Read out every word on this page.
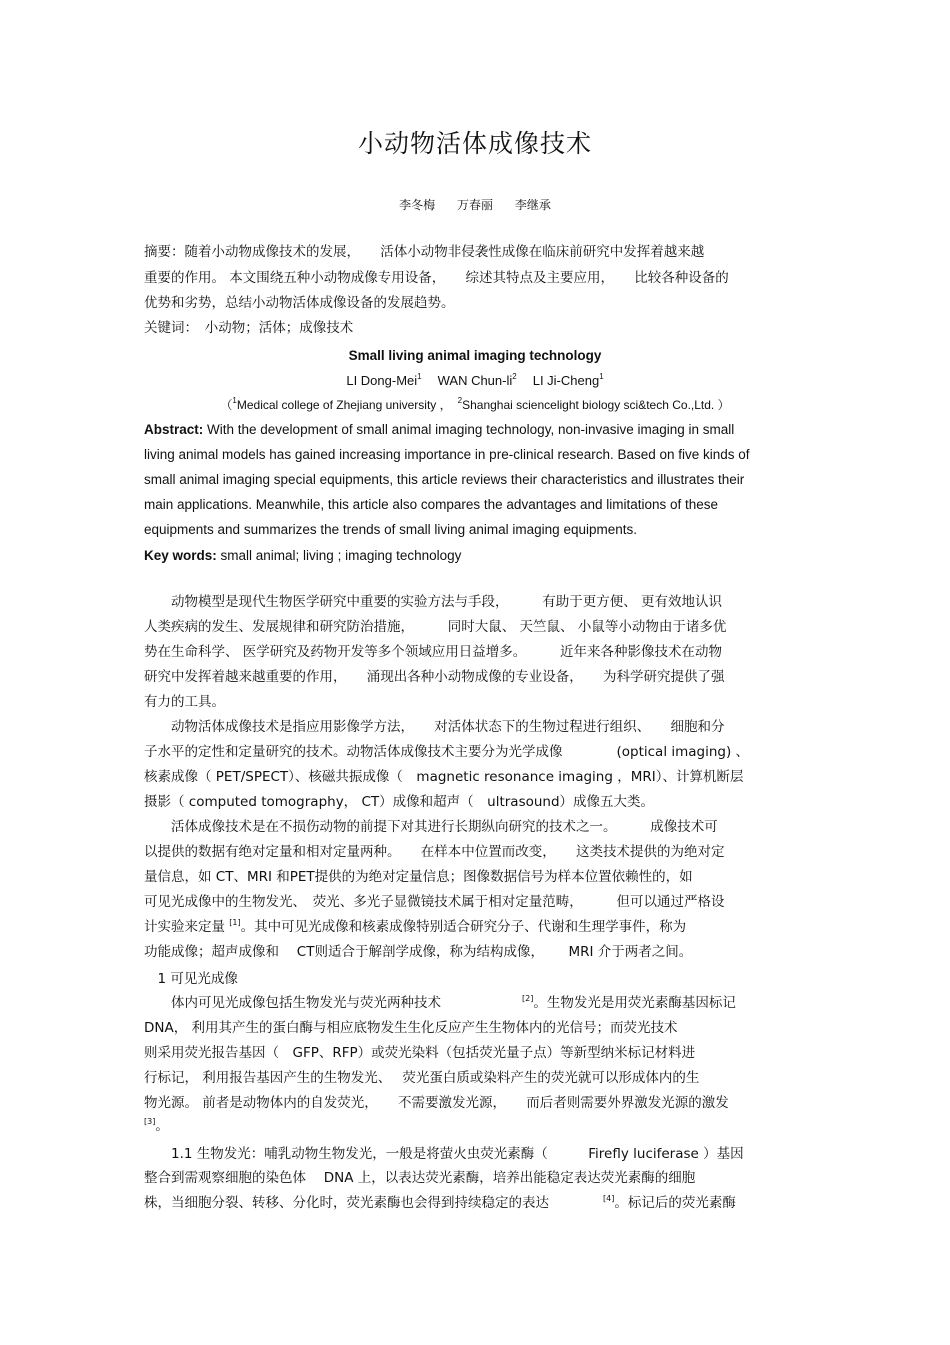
小动物活体成像技术
李冬梅 万春丽 李继承
摘要：随着小动物成像技术的发展，　　活体小动物非侵袭性成像在临床前研究中发挥着越来越
重要的作用。 本文围绕五种小动物成像专用设备，　　综述其特点及主要应用，　　比较各种设备的
优势和劣势，总结小动物活体成像设备的发展趋势。
关键词：　小动物；活体；成像技术
Small living animal imaging technology
LI Dong-Mei$^1$ WAN Chun-$li^2$ LI Ji-Cheng$^1$
（$^1$Medical college of Zhejiang university ， $^2$Shanghai sciencelight biology sci&tech Co.,Ltd. ）
Abstract: With the development of small animal imaging technology, non-invasive imaging in small
living animal models has gained increasing importance in pre-clinical research. Based on five kinds of
small animal imaging special equipments, this article reviews their characteristics and illustrates their
main applications. Meanwhile, this article also compares the advantages and limitations of these
equipments and summarizes the trends of small living animal imaging equipments.
Key words: small animal; living ; imaging technology
　　动物模型是现代生物医学研究中重要的实验方法与手段，　　　有助于更方便、 更有效地认识
人类疾病的发生、发展规律和研究防治措施，　　　同时大鼠、 天竺鼠、 小鼠等小动物由于诸多优
势在生命科学、 医学研究及药物开发等多个领域应用日益增多。　　　近年来各种影像技术在动物
研究中发挥着越来越重要的作用，　　涌现出各种小动物成像的专业设备，　　为科学研究提供了强
有力的工具。
　　动物活体成像技术是指应用影像学方法，　　对活体状态下的生物过程进行组织、　　细胞和分
子水平的定性和定量研究的技术。动物活体成像技术主要分为光学成像　　　　(optical imaging) 、
核素成像（ PET/SPECT）、核磁共振成像（　magnetic resonance imaging ，MRI）、计算机断层
摄影（ computed tomography， CT）成像和超声（　ultrasound）成像五大类。
　　活体成像技术是在不损伤动物的前提下对其进行长期纵向研究的技术之一。　　　成像技术可
以提供的数据有绝对定量和相对定量两种。　　在样本中位置而改变，　　这类技术提供的为绝对定
量信息，如 CT、MRI 和PET提供的为绝对定量信息；图像数据信号为样本位置依赖性的，如
可见光成像中的生物发光、　荧光、多光子显微镜技术属于相对定量范畴，　　　但可以通过严格设
计实验来定量 [1]。其中可见光成像和核素成像特别适合研究分子、代谢和生理学事件，称为
功能成像；超声成像和　 CT则适合于解剖学成像，称为结构成像，　　 MRI 介于两者之间。
　1 可见光成像
　　体内可见光成像包括生物发光与荧光两种技术　　　　　　[2]。生物发光是用荧光素酶基因标记
DNA， 利用其产生的蛋白酶与相应底物发生生化反应产生生物体内的光信号；而荧光技术
则采用荧光报告基因（　GFP、RFP）或荧光染料（包括荧光量子点）等新型纳米标记材料进
行标记， 利用报告基因产生的生物发光、　 荧光蛋白质或染料产生的荧光就可以形成体内的生
物光源。 前者是动物体内的自发荧光，　　不需要激发光源，　　而后者则需要外界激发光源的激发
[3]。
　　1.1 生物发光：哺乳动物生物发光，一般是将萤火虫荧光素酶（　　　Firefly luciferase ）基因
整合到需观察细胞的染色体　 DNA 上，以表达荧光素酶，培养出能稳定表达荧光素酶的细胞
株，当细胞分裂、转移、分化时，荧光素酶也会得到持续稳定的表达　　　　[4]。标记后的荧光素酶
